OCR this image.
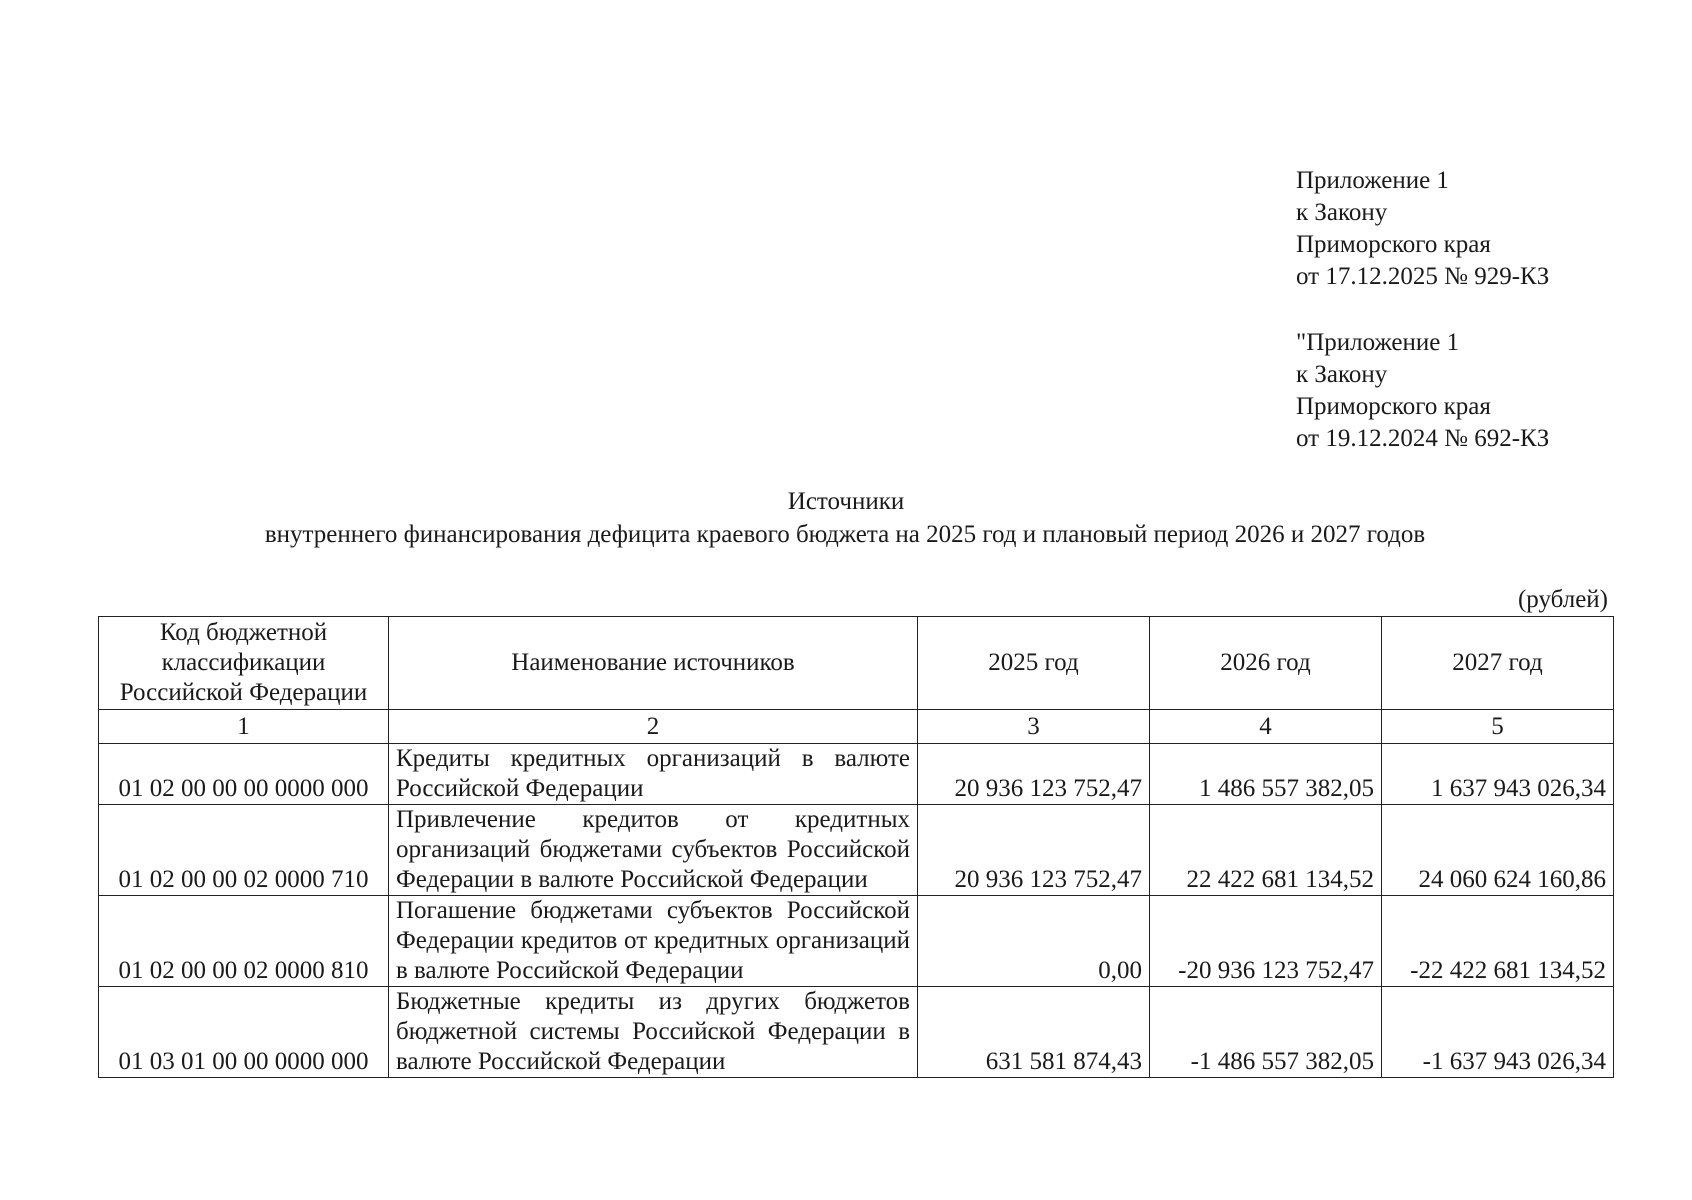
Приложение 1
к Закону
Приморского края
от 17.12.2025 № 929-КЗ
"Приложение 1
к Закону
Приморского края
от 19.12.2024 № 692-КЗ
Источники
внутреннего финансирования дефицита краевого бюджета на 2025 год и плановый период 2026 и 2027 годов
(рублей)
Код бюджетной классификации Российской Федерации	Наименование источников	2025 год	2026 год	2027 год
1	2	3	4	5
01 02 00 00 00 0000 000	Кредиты кредитных организаций в валюте Российской Федерации	20 936 123 752,47	1 486 557 382,05	1 637 943 026,34
01 02 00 00 02 0000 710	Привлечение кредитов от кредитных организаций бюджетами субъектов Российской Федерации в валюте Российской Федерации	20 936 123 752,47	22 422 681 134,52	24 060 624 160,86
01 02 00 00 02 0000 810	Погашение бюджетами субъектов Российской Федерации кредитов от кредитных организаций в валюте Российской Федерации	0,00	-20 936 123 752,47	-22 422 681 134,52
01 03 01 00 00 0000 000	Бюджетные кредиты из других бюджетов бюджетной системы Российской Федерации в валюте Российской Федерации	631 581 874,43	-1 486 557 382,05	-1 637 943 026,34
